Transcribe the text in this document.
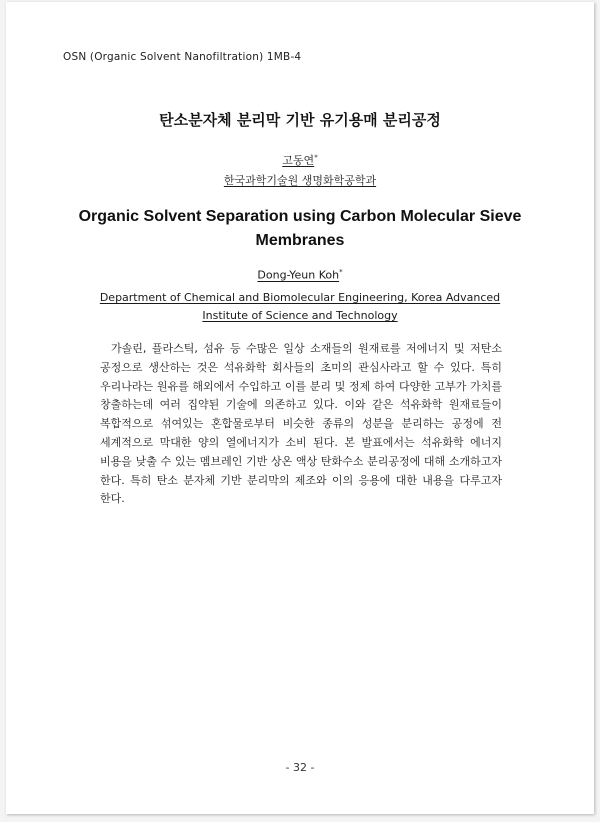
OSN (Organic Solvent Nanofiltration) 1MB-4
탄소분자체 분리막 기반 유기용매 분리공정
고동연*
한국과학기술원 생명화학공학과
Organic Solvent Separation using Carbon Molecular Sieve Membranes
Dong-Yeun Koh*
Department of Chemical and Biomolecular Engineering, Korea Advanced
Institute of Science and Technology
가솔린, 플라스틱, 섬유 등 수많은 일상 소재들의 원재료를 저에너지 및 저탄소 공정으로 생산하는 것은 석유화학 회사들의 초미의 관심사라고 할 수 있다. 특히 우리나라는 원유를 해외에서 수입하고 이를 분리 및 정제 하여 다양한 고부가 가치를 창출하는데 여러 집약된 기술에 의존하고 있다. 이와 같은 석유화학 원재료들이 복합적으로 섞여있는 혼합물로부터 비슷한 종류의 성분을 분리하는 공정에 전 세계적으로 막대한 양의 열에너지가 소비 된다. 본 발표에서는 석유화학 에너지 비용을 낮출 수 있는 멤브레인 기반 상온 액상 탄화수소 분리공정에 대해 소개하고자 한다. 특히 탄소 분자체 기반 분리막의 제조와 이의 응용에 대한 내용을 다루고자 한다.
- 32 -
